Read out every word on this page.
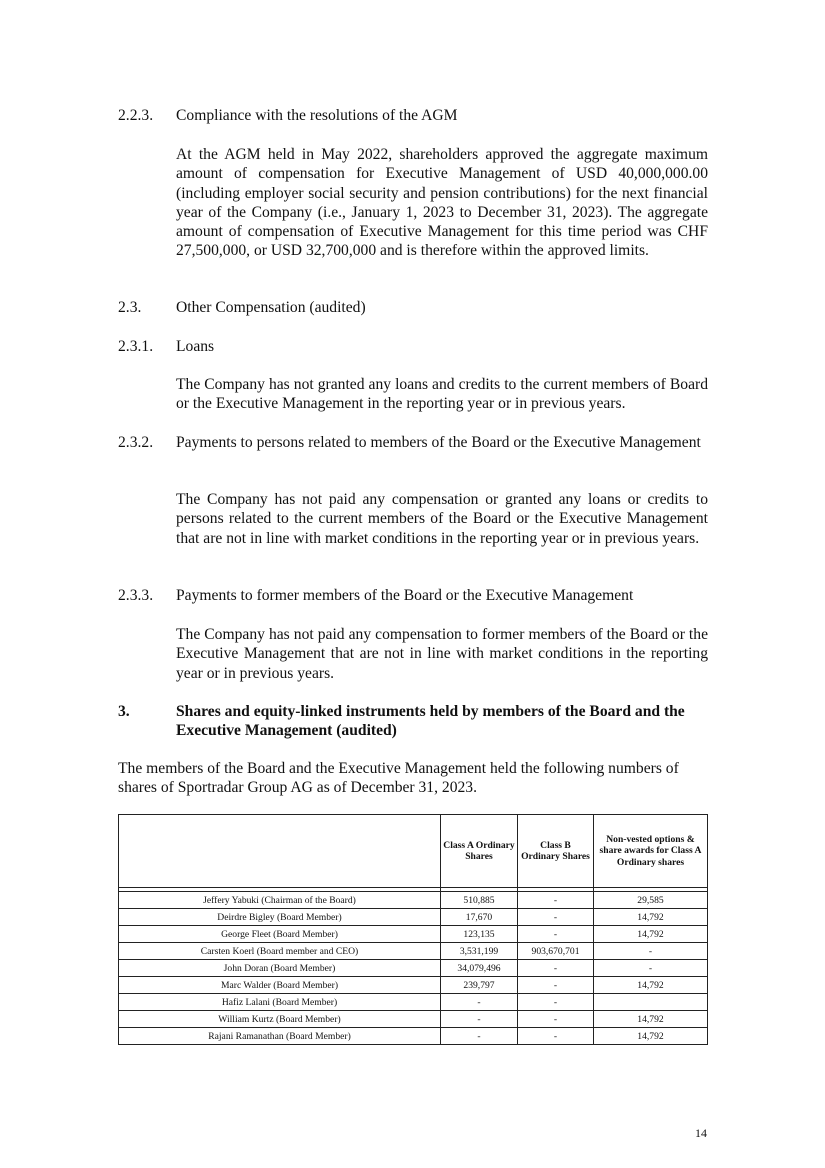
2.2.3.	Compliance with the resolutions of the AGM
At the AGM held in May 2022, shareholders approved the aggregate maximum amount of compensation for Executive Management of USD 40,000,000.00 (including employer social security and pension contributions) for the next financial year of the Company (i.e., January 1, 2023 to December 31, 2023). The aggregate amount of compensation of Executive Management for this time period was CHF 27,500,000, or USD 32,700,000 and is therefore within the approved limits.
2.3.	Other Compensation (audited)
2.3.1.	Loans
The Company has not granted any loans and credits to the current members of Board or the Executive Management in the reporting year or in previous years.
2.3.2.	Payments to persons related to members of the Board or the Executive Management
The Company has not paid any compensation or granted any loans or credits to persons related to the current members of the Board or the Executive Management that are not in line with market conditions in the reporting year or in previous years.
2.3.3.	Payments to former members of the Board or the Executive Management
The Company has not paid any compensation to former members of the Board or the Executive Management that are not in line with market conditions in the reporting year or in previous years.
3.	Shares and equity-linked instruments held by members of the Board and the Executive Management (audited)
The members of the Board and the Executive Management held the following numbers of shares of Sportradar Group AG as of December 31, 2023.
	Class A Ordinary Shares	Class B Ordinary Shares	Non-vested options & share awards for Class A Ordinary shares

Jeffery Yabuki (Chairman of the Board)	510,885	-	29,585
Deirdre Bigley (Board Member)	17,670	-	14,792
George Fleet (Board Member)	123,135	-	14,792
Carsten Koerl (Board member and CEO)	3,531,199	903,670,701	-
John Doran (Board Member)	34,079,496	-	-
Marc Walder (Board Member)	239,797	-	14,792
Hafiz Lalani (Board Member)	-	-	
William Kurtz (Board Member)	-	-	14,792
Rajani Ramanathan (Board Member)	-	-	14,792
14
